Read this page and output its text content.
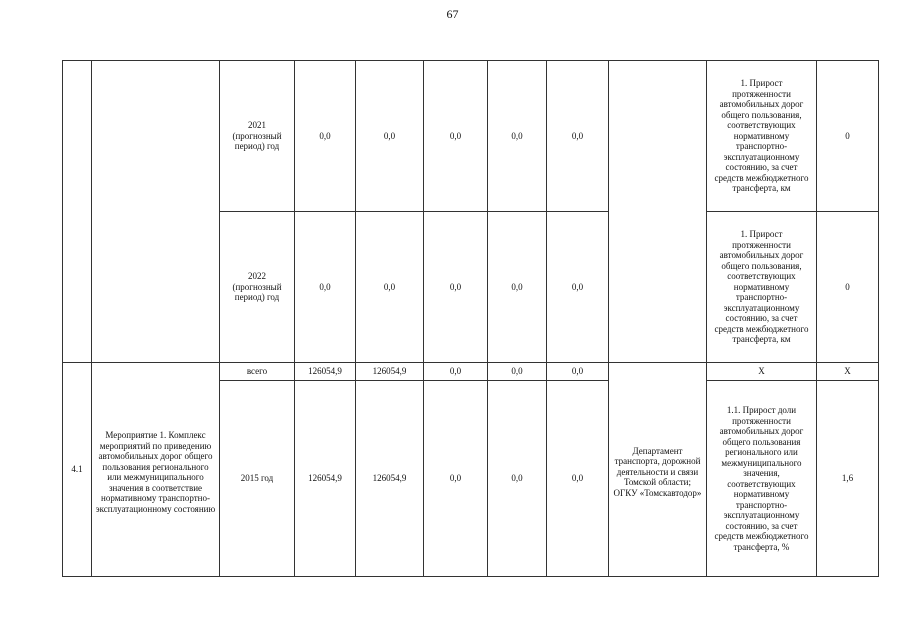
67
		2021 (прогнозный период) год	0,0	0,0	0,0	0,0	0,0		1. Прирост протяженности автомобильных дорог общего пользования, соответствующих нормативному транспортно-эксплуатационному состоянию, за счет средств межбюджетного трансферта, км	0
		2022 (прогнозный период) год	0,0	0,0	0,0	0,0	0,0		1. Прирост протяженности автомобильных дорог общего пользования, соответствующих нормативному транспортно-эксплуатационному состоянию, за счет средств межбюджетного трансферта, км	0
4.1	Мероприятие 1. Комплекс мероприятий по приведению автомобильных дорог общего пользования регионального или межмуниципального значения в соответствие нормативному транспортно-эксплуатационному состоянию	всего	126054,9	126054,9	0,0	0,0	0,0	Департамент транспорта, дорожной деятельности и связи Томской области; ОГКУ «Томскавтодор»	X	X
		2015 год	126054,9	126054,9	0,0	0,0	0,0		1.1. Прирост доли протяженности автомобильных дорог общего пользования регионального или межмуниципального значения, соответствующих нормативному транспортно-эксплуатационному состоянию, за счет средств межбюджетного трансферта, %	1,6
